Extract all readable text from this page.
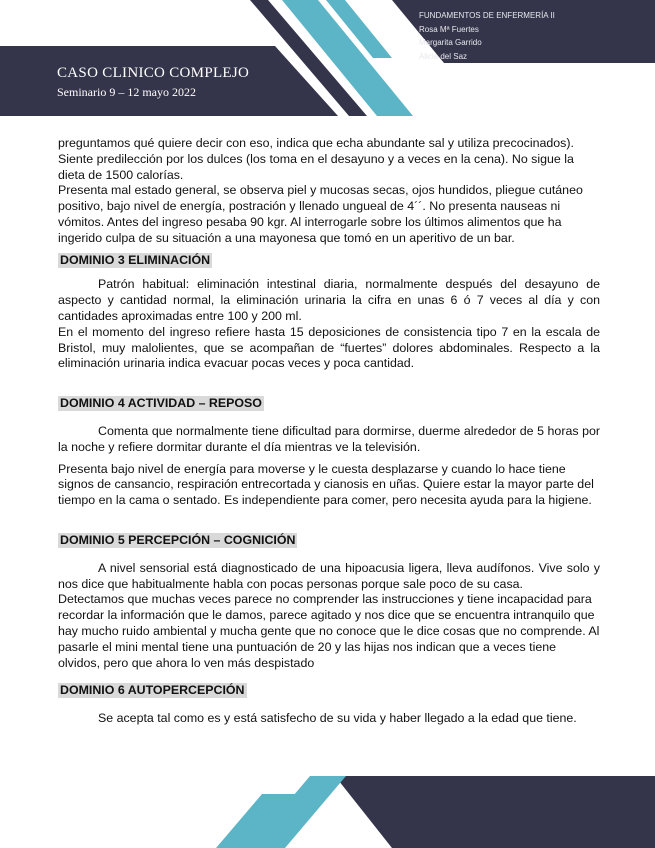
CASO CLINICO COMPLEJO
Seminario 9 – 12 mayo 2022
FUNDAMENTOS DE ENFERMERÍA II
Rosa Mª Fuertes
Margarita Garrido
Alicia del Saz

preguntamos qué quiere decir con eso, indica que echa abundante sal y utiliza precocinados). Siente predilección por los dulces (los toma en el desayuno y a veces en la cena). No sigue la dieta de 1500 calorías.

Presenta mal estado general, se observa piel y mucosas secas, ojos hundidos, pliegue cutáneo positivo, bajo nivel de energía, postración y llenado ungueal de 4´´. No presenta nauseas ni vómitos. Antes del ingreso pesaba 90 kgr. Al interrogarle sobre los últimos alimentos que ha ingerido culpa de su situación a una mayonesa que tomó en un aperitivo de un bar.

DOMINIO 3 ELIMINACIÓN

Patrón habitual: eliminación intestinal diaria, normalmente después del desayuno de aspecto y cantidad normal, la eliminación urinaria la cifra en unas 6 ó 7 veces al día y con cantidades aproximadas entre 100 y 200 ml.

En el momento del ingreso refiere hasta 15 deposiciones de consistencia tipo 7 en la escala de Bristol, muy malolientes, que se acompañan de “fuertes” dolores abdominales. Respecto a la eliminación urinaria indica evacuar pocas veces y poca cantidad.

DOMINIO 4 ACTIVIDAD – REPOSO

Comenta que normalmente tiene dificultad para dormirse, duerme alrededor de 5 horas por la noche y refiere dormitar durante el día mientras ve la televisión.

Presenta bajo nivel de energía para moverse y le cuesta desplazarse y cuando lo hace tiene signos de cansancio, respiración entrecortada y cianosis en uñas. Quiere estar la mayor parte del tiempo en la cama o sentado. Es independiente para comer, pero necesita ayuda para la higiene.

DOMINIO 5 PERCEPCIÓN – COGNICIÓN

A nivel sensorial está diagnosticado de una hipoacusia ligera, lleva audífonos. Vive solo y nos dice que habitualmente habla con pocas personas porque sale poco de su casa.

Detectamos que muchas veces parece no comprender las instrucciones y tiene incapacidad para recordar la información que le damos, parece agitado y nos dice que se encuentra intranquilo que hay mucho ruido ambiental y mucha gente que no conoce que le dice cosas que no comprende. Al pasarle el mini mental tiene una puntuación de 20 y las hijas nos indican que a veces tiene olvidos, pero que ahora lo ven más despistado

DOMINIO 6 AUTOPERCEPCIÓN

Se acepta tal como es y está satisfecho de su vida y haber llegado a la edad que tiene.
